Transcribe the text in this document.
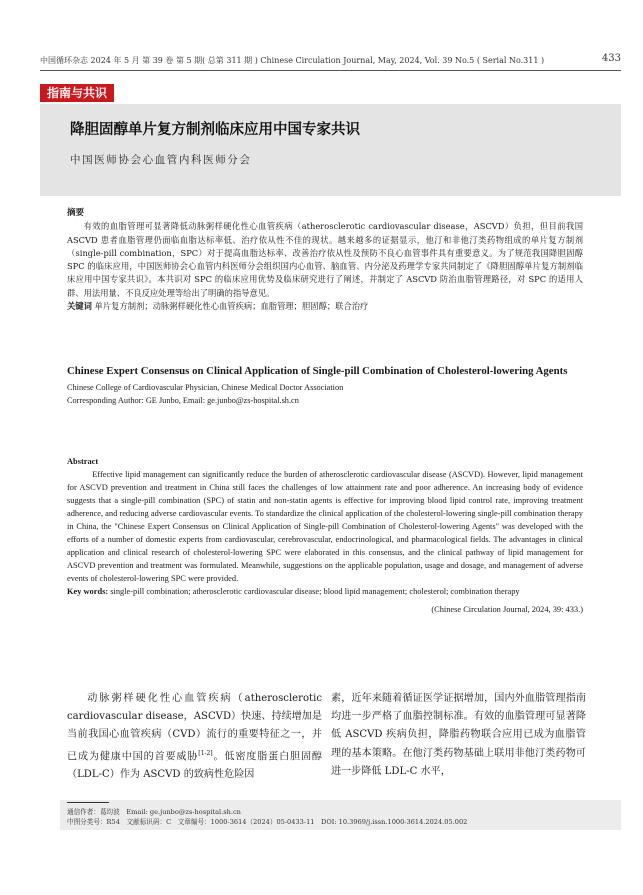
中国循环杂志 2024 年 5 月 第 39 卷 第 5 期( 总第 311 期 ) Chinese Circulation Journal, May, 2024, Vol. 39 No.5 ( Serial No.311 )	433
指南与共识
降胆固醇单片复方制剂临床应用中国专家共识
中国医师协会心血管内科医师分会
摘要

有效的血脂管理可显著降低动脉粥样硬化性心血管疾病（atherosclerotic cardiovascular disease，ASCVD）负担，但目前我国 ASCVD 患者血脂管理仍面临血脂达标率低、治疗依从性不佳的现状。越来越多的证据显示，他汀和非他汀类药物组成的单片复方制剂（single-pill combination，SPC）对于提高血脂达标率、改善治疗依从性及预防不良心血管事件具有重要意义。为了规范我国降胆固醇 SPC 的临床应用，中国医师协会心血管内科医师分会组织国内心血管、脑血管、内分泌及药理学专家共同制定了《降胆固醇单片复方制剂临床应用中国专家共识》。本共识对 SPC 的临床应用优势及临床研究进行了阐述，并制定了 ASCVD 防治血脂管理路径，对 SPC 的适用人群、用法用量、不良反应处理等给出了明确的指导意见。

关键词 单片复方制剂；动脉粥样硬化性心血管疾病；血脂管理；胆固醇；联合治疗
Chinese Expert Consensus on Clinical Application of Single-pill Combination of Cholesterol-lowering Agents
Chinese College of Cardiovascular Physician, Chinese Medical Doctor Association
Corresponding Author: GE Junbo, Email: ge.junbo@zs-hospital.sh.cn
Abstract

Effective lipid management can significantly reduce the burden of atherosclerotic cardiovascular disease (ASCVD). However, lipid management for ASCVD prevention and treatment in China still faces the challenges of low attainment rate and poor adherence. An increasing body of evidence suggests that a single-pill combination (SPC) of statin and non-statin agents is effective for improving blood lipid control rate, improving treatment adherence, and reducing adverse cardiovascular events. To standardize the clinical application of the cholesterol-lowering single-pill combination therapy in China, the "Chinese Expert Consensus on Clinical Application of Single-pill Combination of Cholesterol-lowering Agents" was developed with the efforts of a number of domestic experts from cardiovascular, cerebrovascular, endocrinological, and pharmacological fields. The advantages in clinical application and clinical research of cholesterol-lowering SPC were elaborated in this consensus, and the clinical pathway of lipid management for ASCVD prevention and treatment was formulated. Meanwhile, suggestions on the applicable population, usage and dosage, and management of adverse events of cholesterol-lowering SPC were provided.

Key words: single-pill combination; atherosclerotic cardiovascular disease; blood lipid management; cholesterol; combination therapy
(Chinese Circulation Journal, 2024, 39: 433.)

动脉粥样硬化性心血管疾病（atherosclerotic cardiovascular disease，ASCVD）快速、持续增加是当前我国心血管疾病（CVD）流行的重要特征之一，并已成为健康中国的首要威胁[1-2]。低密度脂蛋白胆固醇（LDL-C）作为 ASCVD 的致病性危险因

素，近年来随着循证医学证据增加，国内外血脂管理指南均进一步严格了血脂控制标准。有效的血脂管理可显著降低 ASCVD 疾病负担，降脂药物联合应用已成为血脂管理的基本策略。在他汀类药物基础上联用非他汀类药物可进一步降低 LDL-C 水平，

通信作者：葛均波　Email: ge.junbo@zs-hospital.sh.cn
中图分类号：R54　文献标识码：C　文章编号：1000-3614（2024）05-0433-11　DOI: 10.3969/j.issn.1000-3614.2024.05.002
